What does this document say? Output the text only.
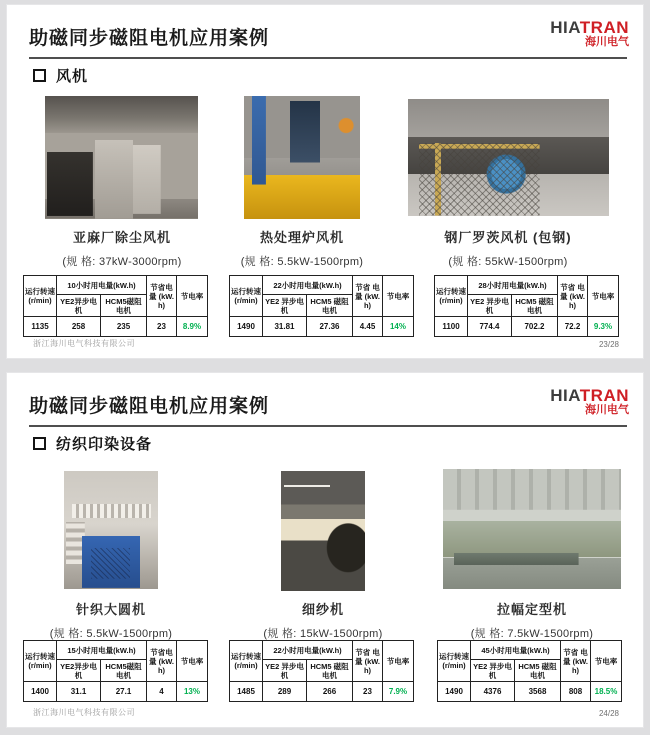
助磁同步磁阻电机应用案例
HIATRAN
海川电气
风机
亚麻厂除尘风机
(规 格: 37kW-3000rpm)
热处理炉风机
(规 格: 5.5kW-1500rpm)
钢厂罗茨风机 (包钢)
(规 格: 55kW-1500rpm)
运行转速 (r/min)	10小时用电量(kW.h)		节省电量 (kW.h)	节电率
	YE2异步电机	HCM5磁阻电机		
1135	258	235	23	8.9%
运行转速 (r/min)	22小时用电量(kW.h)		节省 电量 (kW.h)	节电率
	YE2 异步电机	HCM5 磁阻电机		
1490	31.81	27.36	4.45	14%
运行转速 (r/min)	28小时用电量(kW.h)		节省 电量 (kW.h)	节电率
	YE2 异步电机	HCM5 磁阻电机		
1100	774.4	702.2	72.2	9.3%
浙江海川电气科技有限公司	23/28
助磁同步磁阻电机应用案例
HIATRAN
海川电气
纺织印染设备
针织大圆机
(规 格: 5.5kW-1500rpm)
细纱机
(规 格: 15kW-1500rpm)
拉幅定型机
(规 格: 7.5kW-1500rpm)
运行转速 (r/min)	15小时用电量(kW.h)		节省电量 (kW.h)	节电率
	YE2异步电机	HCM5磁阻电机		
1400	31.1	27.1	4	13%
运行转速 (r/min)	22小时用电量(kW.h)		节省 电量 (kW.h)	节电率
	YE2 异步电机	HCM5 磁阻电机		
1485	289	266	23	7.9%
运行转速 (r/min)	45小时用电量(kW.h)		节省 电量 (kW.h)	节电率
	YE2 异步电机	HCM5 磁阻电机		
1490	4376	3568	808	18.5%
浙江海川电气科技有限公司	24/28
